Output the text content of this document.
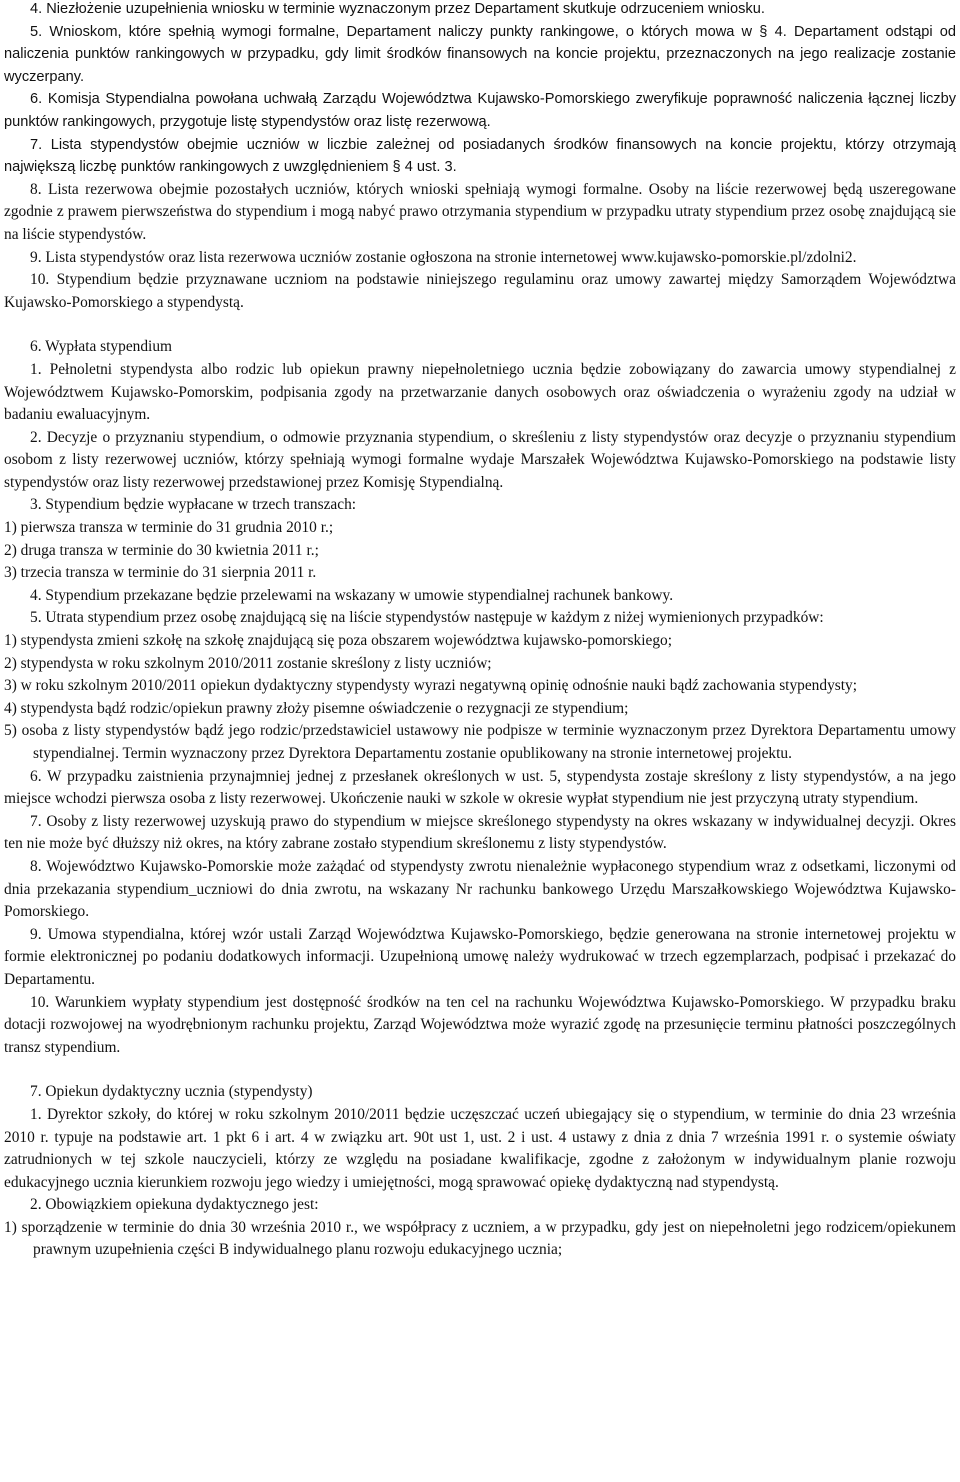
4. Niezłożenie uzupełnienia wniosku w terminie wyznaczonym przez Departament skutkuje odrzuceniem wniosku.

5. Wnioskom, które spełnią wymogi formalne, Departament naliczy punkty rankingowe, o których mowa w § 4. Departament odstąpi od naliczenia punktów rankingowych w przypadku, gdy limit środków finansowych na koncie projektu, przeznaczonych na jego realizacje zostanie wyczerpany.

6. Komisja Stypendialna powołana uchwałą Zarządu Województwa Kujawsko-Pomorskiego zweryfikuje poprawność naliczenia łącznej liczby punktów rankingowych, przygotuje listę stypendystów oraz listę rezerwową.

7. Lista stypendystów obejmie uczniów w liczbie zależnej od posiadanych środków finansowych na koncie projektu, którzy otrzymają największą liczbę punktów rankingowych z uwzględnieniem § 4 ust. 3.

8. Lista rezerwowa obejmie pozostałych uczniów, których wnioski spełniają wymogi formalne. Osoby na liście rezerwowej będą uszeregowane zgodnie z prawem pierwszeństwa do stypendium i mogą nabyć prawo otrzymania stypendium w przypadku utraty stypendium przez osobę znajdującą sie na liście stypendystów.

9. Lista stypendystów oraz lista rezerwowa uczniów zostanie ogłoszona na stronie internetowej www.kujawsko-pomorskie.pl/zdolni2.

10. Stypendium będzie przyznawane uczniom na podstawie niniejszego regulaminu oraz umowy zawartej między Samorządem Województwa Kujawsko-Pomorskiego a stypendystą.

6. Wypłata stypendium

1. Pełnoletni stypendysta albo rodzic lub opiekun prawny niepełnoletniego ucznia będzie zobowiązany do zawarcia umowy stypendialnej z Województwem Kujawsko-Pomorskim, podpisania zgody na przetwarzanie danych osobowych oraz oświadczenia o wyrażeniu zgody na udział w badaniu ewaluacyjnym.

2. Decyzje o przyznaniu stypendium, o odmowie przyznania stypendium, o skreśleniu z listy stypendystów oraz decyzje o przyznaniu stypendium osobom z listy rezerwowej uczniów, którzy spełniają wymogi formalne wydaje Marszałek Województwa Kujawsko-Pomorskiego na podstawie listy stypendystów oraz listy rezerwowej przedstawionej przez Komisję Stypendialną.

3. Stypendium będzie wypłacane w trzech transzach:

1) pierwsza transza w terminie do 31 grudnia 2010 r.;

2) druga transza w terminie do 30 kwietnia 2011 r.;

3) trzecia transza w terminie do 31 sierpnia 2011 r.

4. Stypendium przekazane będzie przelewami na wskazany w umowie stypendialnej rachunek bankowy.

5. Utrata stypendium przez osobę znajdującą się na liście stypendystów następuje w każdym z niżej wymienionych przypadków:

1) stypendysta zmieni szkołę na szkołę znajdującą się poza obszarem województwa kujawsko-pomorskiego;

2) stypendysta w roku szkolnym 2010/2011 zostanie skreślony z listy uczniów;

3) w roku szkolnym 2010/2011 opiekun dydaktyczny stypendysty wyrazi negatywną opinię odnośnie nauki bądź zachowania stypendysty;

4) stypendysta bądź rodzic/opiekun prawny złoży pisemne oświadczenie o rezygnacji ze stypendium;

5) osoba z listy stypendystów bądź jego rodzic/przedstawiciel ustawowy nie podpisze w terminie wyznaczonym przez Dyrektora Departamentu umowy stypendialnej. Termin wyznaczony przez Dyrektora Departamentu zostanie opublikowany na stronie internetowej projektu.

6. W przypadku zaistnienia przynajmniej jednej z przesłanek określonych w ust. 5, stypendysta zostaje skreślony z listy stypendystów, a na jego miejsce wchodzi pierwsza osoba z listy rezerwowej. Ukończenie nauki w szkole w okresie wypłat stypendium nie jest przyczyną utraty stypendium.

7. Osoby z listy rezerwowej uzyskują prawo do stypendium w miejsce skreślonego stypendysty na okres wskazany w indywidualnej decyzji. Okres ten nie może być dłuższy niż okres, na który zabrane zostało stypendium skreślonemu z listy stypendystów.

8. Województwo Kujawsko-Pomorskie może zażądać od stypendysty zwrotu nienależnie wypłaconego stypendium wraz z odsetkami, liczonymi od dnia przekazania stypendium_uczniowi do dnia zwrotu, na wskazany Nr rachunku bankowego Urzędu Marszałkowskiego Województwa Kujawsko-Pomorskiego.

9. Umowa stypendialna, której wzór ustali Zarząd Województwa Kujawsko-Pomorskiego, będzie generowana na stronie internetowej projektu w formie elektronicznej po podaniu dodatkowych informacji. Uzupełnioną umowę należy wydrukować w trzech egzemplarzach, podpisać i przekazać do Departamentu.

10. Warunkiem wypłaty stypendium jest dostępność środków na ten cel na rachunku Województwa Kujawsko-Pomorskiego. W przypadku braku dotacji rozwojowej na wyodrębnionym rachunku projektu, Zarząd Województwa może wyrazić zgodę na przesunięcie terminu płatności poszczególnych transz stypendium.

7. Opiekun dydaktyczny ucznia (stypendysty)

1. Dyrektor szkoły, do której w roku szkolnym 2010/2011 będzie uczęszczać uczeń ubiegający się o stypendium, w terminie do dnia 23 września 2010 r. typuje na podstawie art. 1 pkt 6 i art. 4 w związku art. 90t ust 1, ust. 2 i ust. 4 ustawy z dnia z dnia 7 września 1991 r. o systemie oświaty zatrudnionych w tej szkole nauczycieli, którzy ze względu na posiadane kwalifikacje, zgodne z założonym w indywidualnym planie rozwoju edukacyjnego ucznia kierunkiem rozwoju jego wiedzy i umiejętności, mogą sprawować opiekę dydaktyczną nad stypendystą.

2. Obowiązkiem opiekuna dydaktycznego jest:

1) sporządzenie w terminie do dnia 30 września 2010 r., we współpracy z uczniem, a w przypadku, gdy jest on niepełnoletni jego rodzicem/opiekunem prawnym uzupełnienia części B indywidualnego planu rozwoju edukacyjnego ucznia;
